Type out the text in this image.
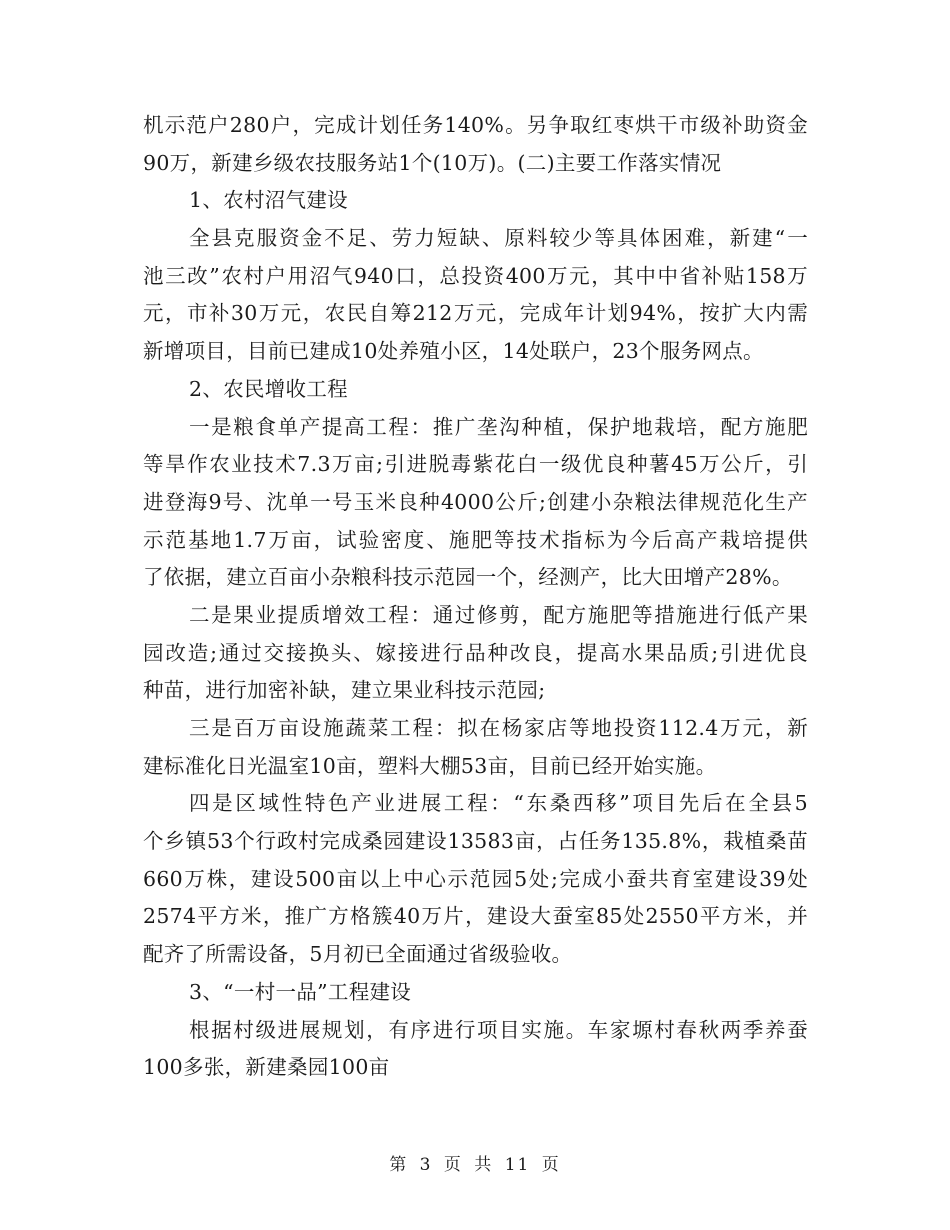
机示范户280户，完成计划任务140%。另争取红枣烘干市级补助资金
90万，新建乡级农技服务站1个(10万)。(二)主要工作落实情况
1、农村沼气建设
全县克服资金不足、劳力短缺、原料较少等具体困难，新建“一
池三改”农村户用沼气940口，总投资400万元，其中中省补贴158万
元，市补30万元，农民自筹212万元，完成年计划94%，按扩大内需
新增项目，目前已建成10处养殖小区，14处联户，23个服务网点。
2、农民增收工程
一是粮食单产提高工程：推广垄沟种植，保护地栽培，配方施肥
等旱作农业技术7.3万亩;引进脱毒紫花白一级优良种薯45万公斤，引
进登海9号、沈单一号玉米良种4000公斤;创建小杂粮法律规范化生产
示范基地1.7万亩，试验密度、施肥等技术指标为今后高产栽培提供
了依据，建立百亩小杂粮科技示范园一个，经测产，比大田增产28%。
二是果业提质增效工程：通过修剪，配方施肥等措施进行低产果
园改造;通过交接换头、嫁接进行品种改良，提高水果品质;引进优良
种苗，进行加密补缺，建立果业科技示范园;
三是百万亩设施蔬菜工程：拟在杨家店等地投资112.4万元，新
建标准化日光温室10亩，塑料大棚53亩，目前已经开始实施。
四是区域性特色产业进展工程：“东桑西移”项目先后在全县5
个乡镇53个行政村完成桑园建设13583亩，占任务135.8%，栽植桑苗
660万株，建设500亩以上中心示范园5处;完成小蚕共育室建设39处
2574平方米，推广方格簇40万片，建设大蚕室85处2550平方米，并
配齐了所需设备，5月初已全面通过省级验收。
3、“一村一品”工程建设
根据村级进展规划，有序进行项目实施。车家塬村春秋两季养蚕
100多张，新建桑园100亩
第 3 页 共 11 页
